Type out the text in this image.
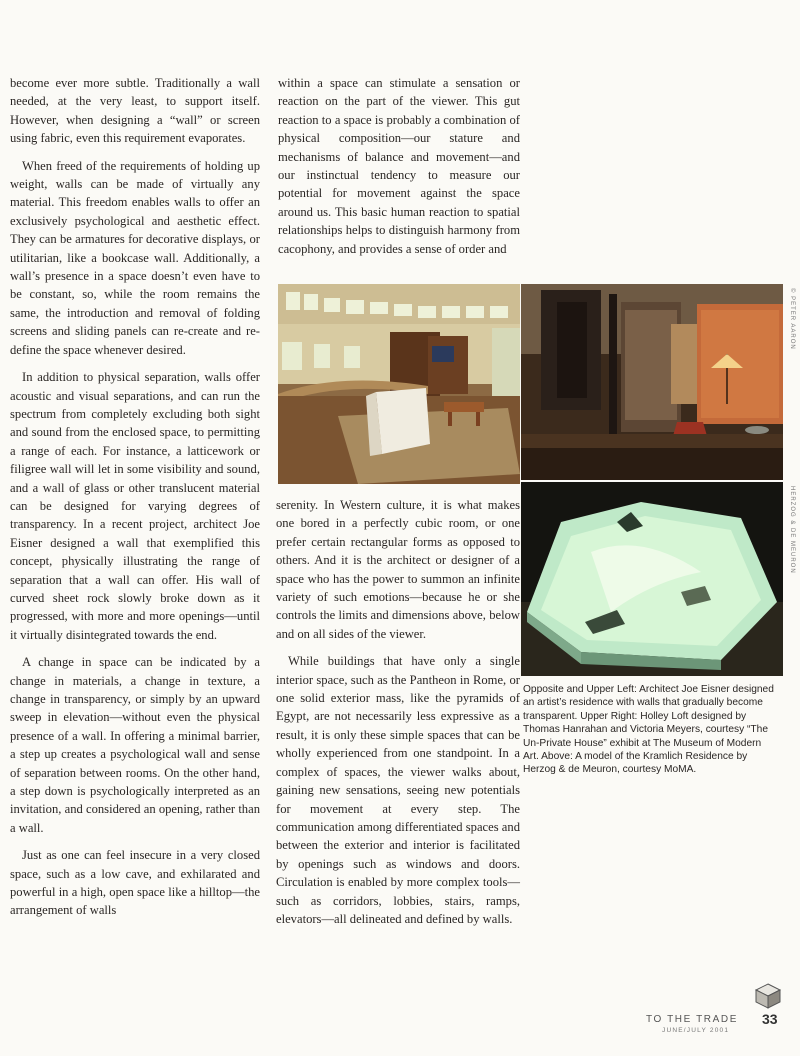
become ever more subtle. Traditionally a wall needed, at the very least, to support itself. However, when designing a “wall” or screen using fabric, even this requirement evaporates.

When freed of the requirements of holding up weight, walls can be made of virtually any material. This freedom enables walls to offer an exclusively psychological and aesthetic effect. They can be armatures for decorative displays, or utilitarian, like a bookcase wall. Additionally, a wall’s presence in a space doesn’t even have to be constant, so, while the room remains the same, the introduction and removal of folding screens and sliding panels can re-create and re-define the space whenever desired.

In addition to physical separation, walls offer acoustic and visual separations, and can run the spectrum from completely excluding both sight and sound from the enclosed space, to permitting a range of each. For instance, a latticework or filigree wall will let in some visibility and sound, and a wall of glass or other translucent material can be designed for varying degrees of transparency. In a recent project, architect Joe Eisner designed a wall that exemplified this concept, physically illustrating the range of separation that a wall can offer. His wall of curved sheet rock slowly broke down as it progressed, with more and more openings—until it virtually disintegrated towards the end.

A change in space can be indicated by a change in materials, a change in texture, a change in transparency, or simply by an upward sweep in elevation—without even the physical presence of a wall. In offering a minimal barrier, a step up creates a psychological wall and sense of separation between rooms. On the other hand, a step down is psychologically interpreted as an invitation, and considered an opening, rather than a wall.

Just as one can feel insecure in a very closed space, such as a low cave, and exhilarated and powerful in a high, open space like a hilltop—the arrangement of walls

within a space can stimulate a sensation or reaction on the part of the viewer. This gut reaction to a space is probably a combination of physical composition—our stature and mechanisms of balance and movement—and our instinctual tendency to measure our potential for movement against the space around us. This basic human reaction to spatial relationships helps to distinguish harmony from cacophony, and provides a sense of order and

© PETER AARON
HERZOG & DE MEURON

serenity. In Western culture, it is what makes one bored in a perfectly cubic room, or one prefer certain rectangular forms as opposed to others. And it is the architect or designer of a space who has the power to summon an infinite variety of such emotions—because he or she controls the limits and dimensions above, below and on all sides of the viewer.

While buildings that have only a single interior space, such as the Pantheon in Rome, or one solid exterior mass, like the pyramids of Egypt, are not necessarily less expressive as a result, it is only these simple spaces that can be wholly experienced from one standpoint. In a complex of spaces, the viewer walks about, gaining new sensations, seeing new potentials for movement at every step. The communication among differentiated spaces and between the exterior and interior is facilitated by openings such as windows and doors. Circulation is enabled by more complex tools—such as corridors, lobbies, stairs, ramps, elevators—all delineated and defined by walls.

Opposite and Upper Left: Architect Joe Eisner designed an artist’s residence with walls that gradually become transparent. Upper Right: Holley Loft designed by Thomas Hanrahan and Victoria Meyers, courtesy “The Un-Private House” exhibit at The Museum of Modern Art. Above: A model of the Kramlich Residence by Herzog & de Meuron, courtesy MoMA.

TO THE TRADE
JUNE/JULY 2001
33
